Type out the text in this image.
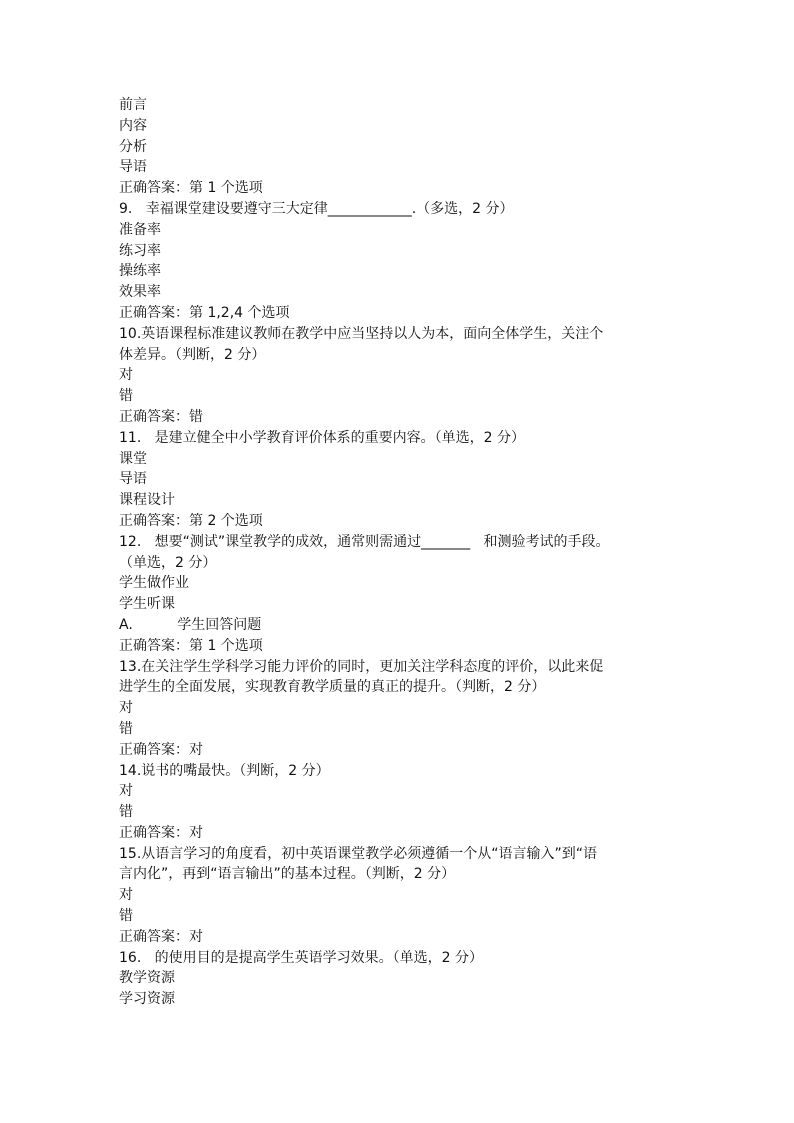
前言
内容
分析
导语
正确答案：第 1 个选项
9.   幸福课堂建设要遵守三大定律____________.（多选，2 分）
准备率
练习率
操练率
效果率
正确答案：第 1,2,4 个选项
10.英语课程标准建议教师在教学中应当坚持以人为本，面向全体学生，关注个
体差异。（判断，2 分）
对
错
正确答案：错
11.   是建立健全中小学教育评价体系的重要内容。（单选，2 分）
课堂
导语
课程设计
正确答案：第 2 个选项
12.   想要“测试”课堂教学的成效，通常则需通过_______   和测验考试的手段。
（单选，2 分）
学生做作业
学生听课
A.          学生回答问题
正确答案：第 1 个选项
13.在关注学生学科学习能力评价的同时，更加关注学科态度的评价，以此来促
进学生的全面发展，实现教育教学质量的真正的提升。（判断，2 分）
对
错
正确答案：对
14.说书的嘴最快。（判断，2 分）
对
错
正确答案：对
15.从语言学习的角度看，初中英语课堂教学必须遵循一个从“语言输入”到“语
言内化”，再到“语言输出”的基本过程。（判断，2 分）
对
错
正确答案：对
16.   的使用目的是提高学生英语学习效果。（单选，2 分）
教学资源
学习资源
